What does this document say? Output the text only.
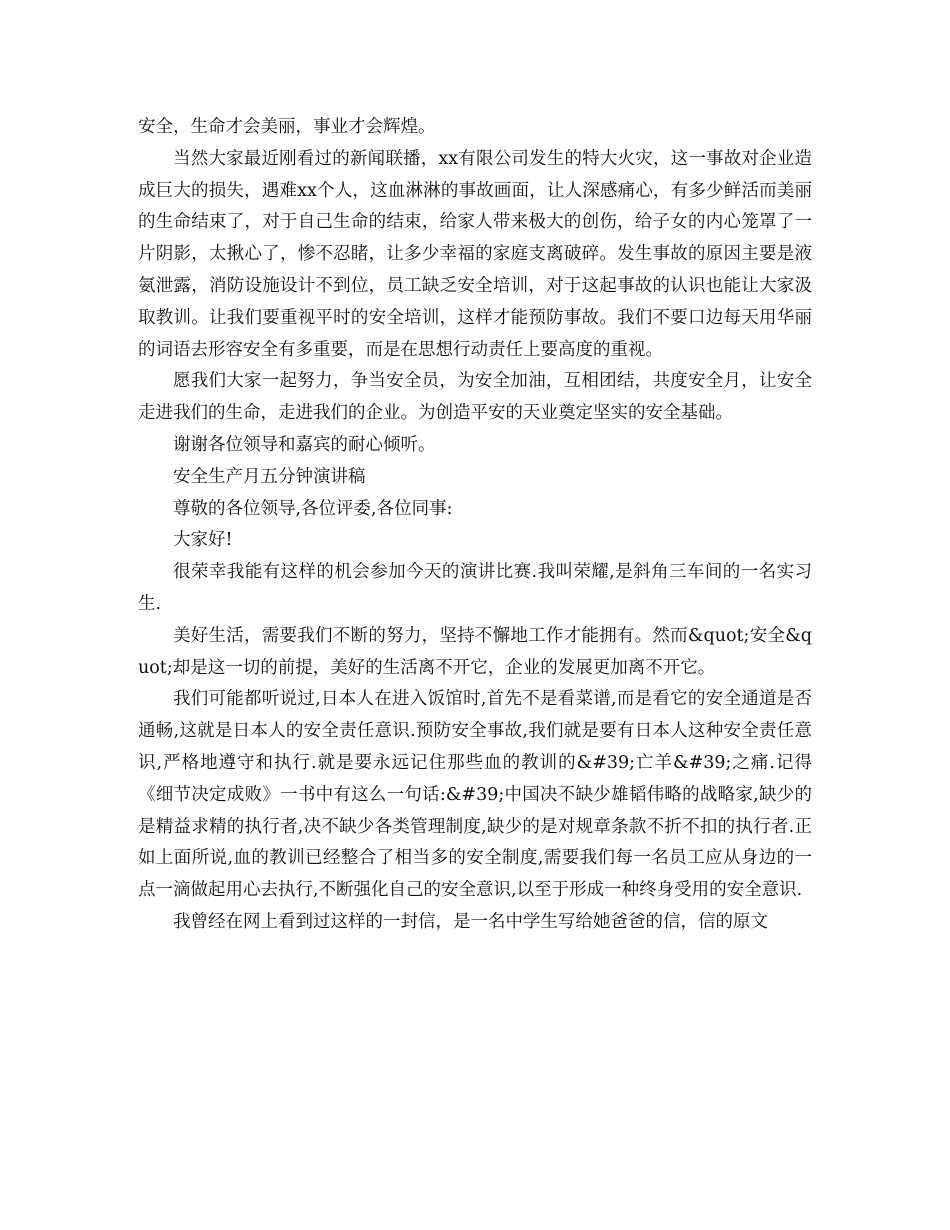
安全，生命才会美丽，事业才会辉煌。

当然大家最近刚看过的新闻联播，xx有限公司发生的特大火灾，这一事故对企业造成巨大的损失，遇难xx个人，这血淋淋的事故画面，让人深感痛心，有多少鲜活而美丽的生命结束了，对于自己生命的结束，给家人带来极大的创伤，给子女的内心笼罩了一片阴影，太揪心了，惨不忍睹，让多少幸福的家庭支离破碎。发生事故的原因主要是液氨泄露，消防设施设计不到位，员工缺乏安全培训，对于这起事故的认识也能让大家汲取教训。让我们要重视平时的安全培训，这样才能预防事故。我们不要口边每天用华丽的词语去形容安全有多重要，而是在思想行动责任上要高度的重视。

愿我们大家一起努力，争当安全员，为安全加油，互相团结，共度安全月，让安全走进我们的生命，走进我们的企业。为创造平安的天业奠定坚实的安全基础。

谢谢各位领导和嘉宾的耐心倾听。

安全生产月五分钟演讲稿

尊敬的各位领导,各位评委,各位同事:

大家好!

很荣幸我能有这样的机会参加今天的演讲比赛.我叫荣耀,是斜角三车间的一名实习生.

美好生活，需要我们不断的努力，坚持不懈地工作才能拥有。然而&quot;安全&quot;却是这一切的前提，美好的生活离不开它，企业的发展更加离不开它。

我们可能都听说过,日本人在进入饭馆时,首先不是看菜谱,而是看它的安全通道是否通畅,这就是日本人的安全责任意识.预防安全事故,我们就是要有日本人这种安全责任意识,严格地遵守和执行.就是要永远记住那些血的教训的&#39;亡羊&#39;之痛.记得《细节决定成败》一书中有这么一句话:&#39;中国决不缺少雄韬伟略的战略家,缺少的是精益求精的执行者,决不缺少各类管理制度,缺少的是对规章条款不折不扣的执行者.正如上面所说,血的教训已经整合了相当多的安全制度,需要我们每一名员工应从身边的一点一滴做起用心去执行,不断强化自己的安全意识,以至于形成一种终身受用的安全意识.

我曾经在网上看到过这样的一封信，是一名中学生写给她爸爸的信，信的原文
